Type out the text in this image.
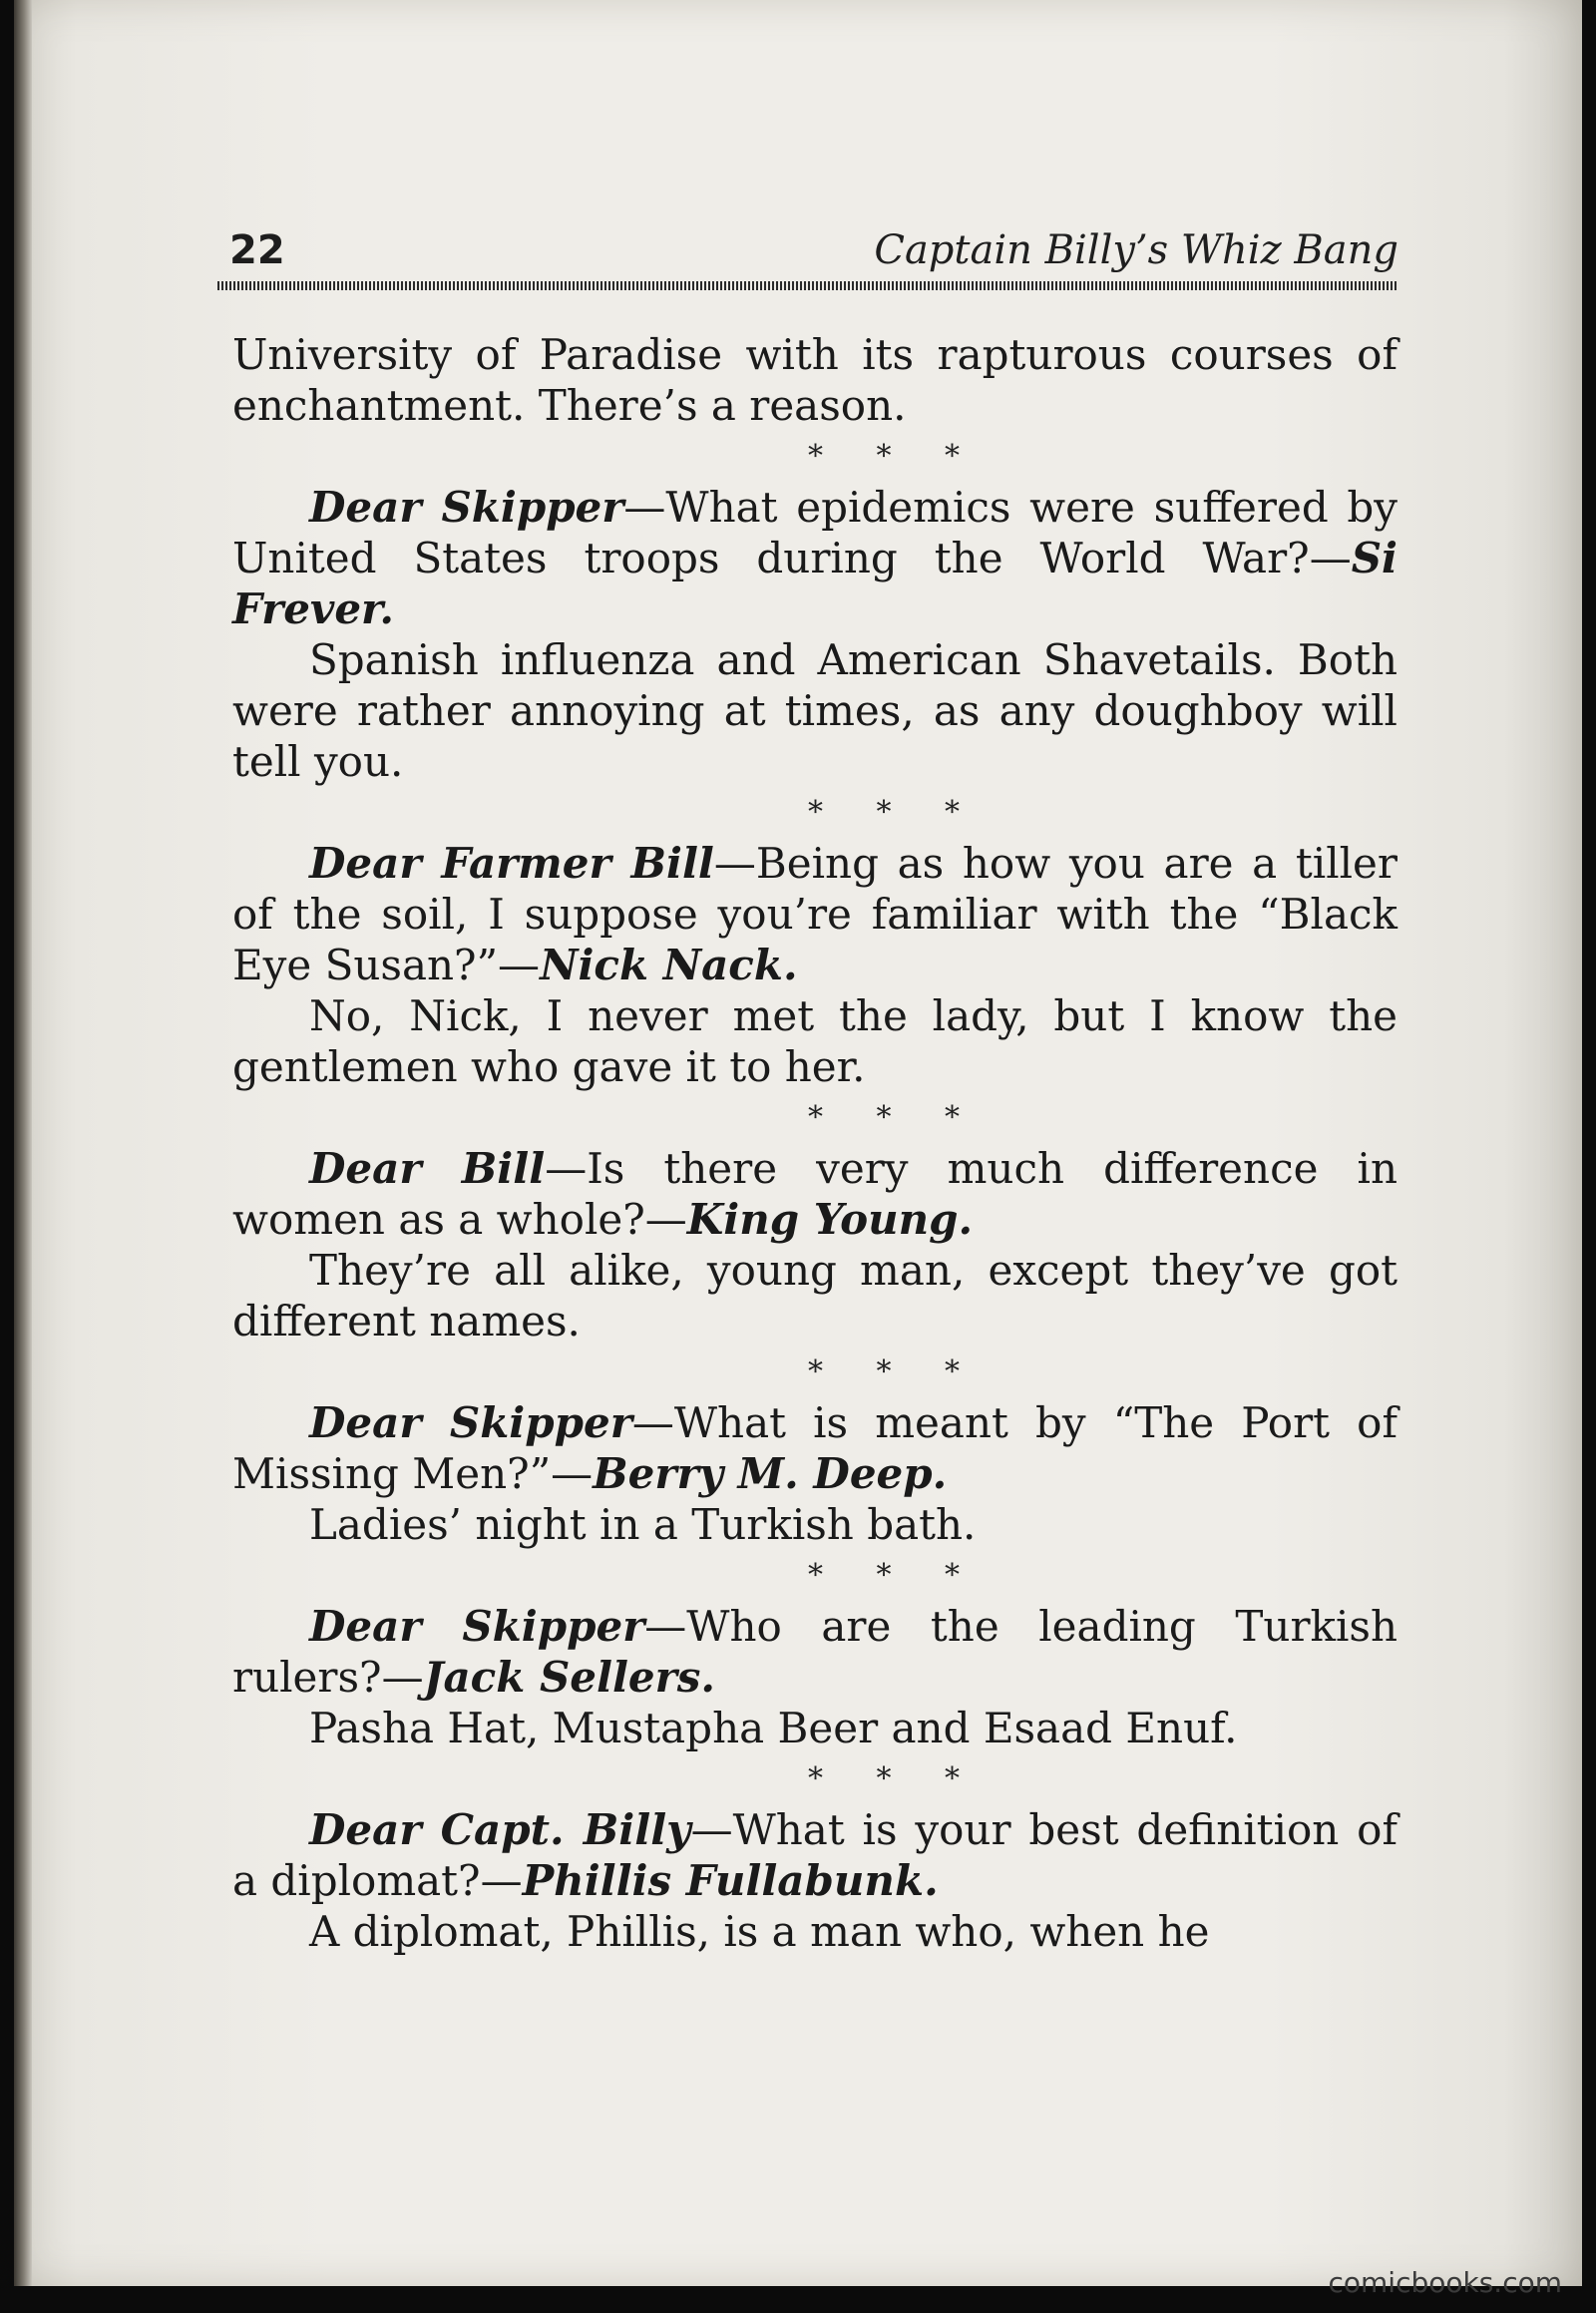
22	Captain Billy’s Whiz Bang

University of Paradise with its rapturous courses of enchantment. There’s a reason.

* * *

Dear Skipper—What epidemics were suffered by United States troops during the World War?—Si Frever.

Spanish influenza and American Shavetails. Both were rather annoying at times, as any doughboy will tell you.

* * *

Dear Farmer Bill—Being as how you are a tiller of the soil, I suppose you’re familiar with the “Black Eye Susan?”—Nick Nack.

No, Nick, I never met the lady, but I know the gentlemen who gave it to her.

* * *

Dear Bill—Is there very much difference in women as a whole?—King Young.

They’re all alike, young man, except they’ve got different names.

* * *

Dear Skipper—What is meant by “The Port of Missing Men?”—Berry M. Deep.

Ladies’ night in a Turkish bath.

* * *

Dear Skipper—Who are the leading Turkish rulers?—Jack Sellers.

Pasha Hat, Mustapha Beer and Esaad Enuf.

* * *

Dear Capt. Billy—What is your best definition of a diplomat?—Phillis Fullabunk.

A diplomat, Phillis, is a man who, when he

comicbooks.com
